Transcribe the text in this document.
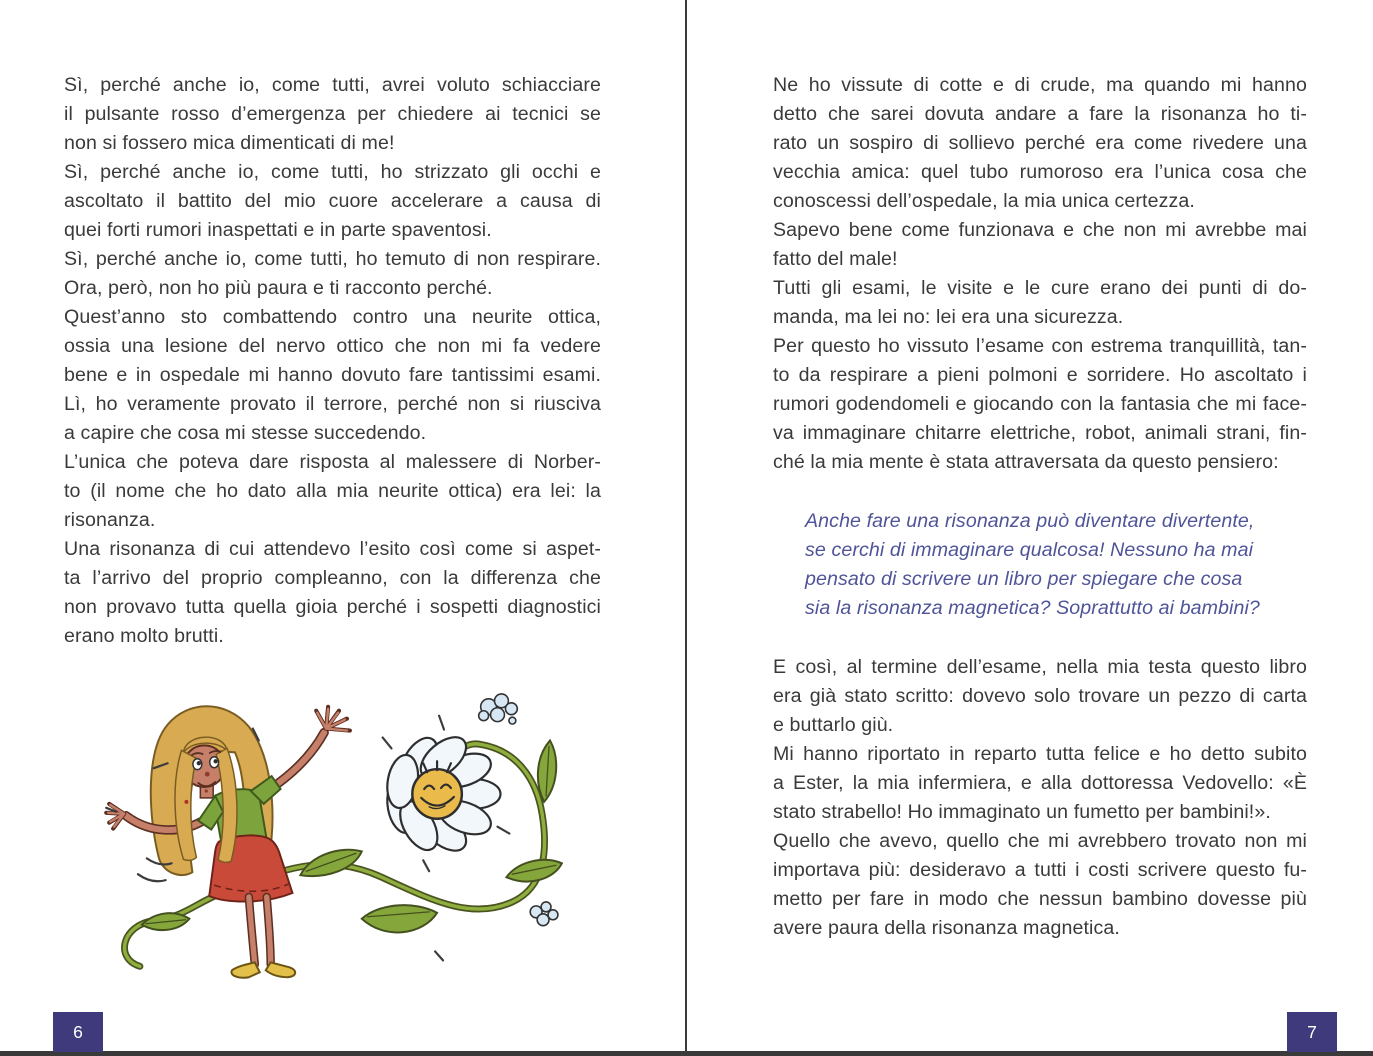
Sì, perché anche io, come tutti, avrei voluto schiacciare
il pulsante rosso d’emergenza per chiedere ai tecnici se
non si fossero mica dimenticati di me!
Sì, perché anche io, come tutti, ho strizzato gli occhi e
ascoltato il battito del mio cuore accelerare a causa di
quei forti rumori inaspettati e in parte spaventosi.
Sì, perché anche io, come tutti, ho temuto di non respirare.
Ora, però, non ho più paura e ti racconto perché.
Quest’anno sto combattendo contro una neurite ottica,
ossia una lesione del nervo ottico che non mi fa vedere
bene e in ospedale mi hanno dovuto fare tantissimi esami.
Lì, ho veramente provato il terrore, perché non si riusciva
a capire che cosa mi stesse succedendo.
L’unica che poteva dare risposta al malessere di Norber-
to (il nome che ho dato alla mia neurite ottica) era lei: la
risonanza.
Una risonanza di cui attendevo l’esito così come si aspet-
ta l’arrivo del proprio compleanno, con la differenza che
non provavo tutta quella gioia perché i sospetti diagnostici
erano molto brutti.
Ne ho vissute di cotte e di crude, ma quando mi hanno
detto che sarei dovuta andare a fare la risonanza ho ti-
rato un sospiro di sollievo perché era come rivedere una
vecchia amica: quel tubo rumoroso era l’unica cosa che
conoscessi dell’ospedale, la mia unica certezza.
Sapevo bene come funzionava e che non mi avrebbe mai
fatto del male!
Tutti gli esami, le visite e le cure erano dei punti di do-
manda, ma lei no: lei era una sicurezza.
Per questo ho vissuto l’esame con estrema tranquillità, tan-
to da respirare a pieni polmoni e sorridere. Ho ascoltato i
rumori godendomeli e giocando con la fantasia che mi face-
va immaginare chitarre elettriche, robot, animali strani, fin-
ché la mia mente è stata attraversata da questo pensiero:
Anche fare una risonanza può diventare divertente,
se cerchi di immaginare qualcosa! Nessuno ha mai
pensato di scrivere un libro per spiegare che cosa
sia la risonanza magnetica? Soprattutto ai bambini?
E così, al termine dell’esame, nella mia testa questo libro
era già stato scritto: dovevo solo trovare un pezzo di carta
e buttarlo giù.
Mi hanno riportato in reparto tutta felice e ho detto subito
a Ester, la mia infermiera, e alla dottoressa Vedovello: «È
stato strabello! Ho immaginato un fumetto per bambini!».
Quello che avevo, quello che mi avrebbero trovato non mi
importava più: desideravo a tutti i costi scrivere questo fu-
metto per fare in modo che nessun bambino dovesse più
avere paura della risonanza magnetica.
6	7
